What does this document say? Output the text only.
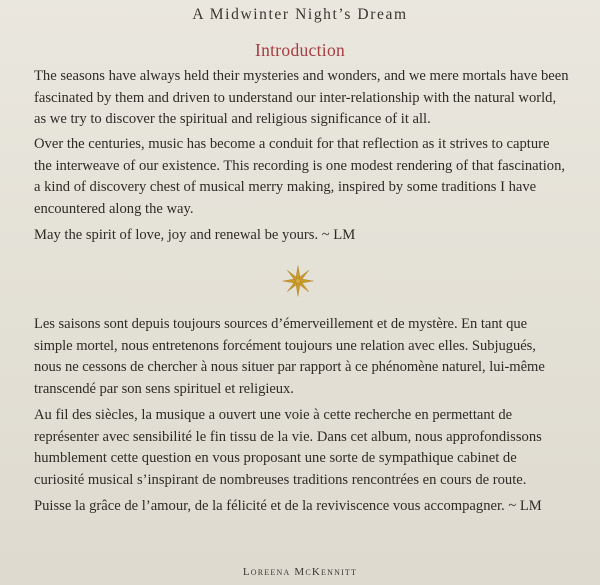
A Midwinter Night’s Dream
Introduction

The seasons have always held their mysteries and wonders, and we mere mortals have been
fascinated by them and driven to understand our inter-relationship with the natural world,
as we try to discover the spiritual and religious significance of it all.

Over the centuries, music has become a conduit for that reflection as it strives to capture
the interweave of our existence. This recording is one modest rendering of that fascination,
a kind of discovery chest of musical merry making, inspired by some traditions I have
encountered along the way.

May the spirit of love, joy and renewal be yours. ~ LM

Les saisons sont depuis toujours sources d’émerveillement et de mystère. En tant que
simple mortel, nous entretenons forcément toujours une relation avec elles. Subjugués,
nous ne cessons de chercher à nous situer par rapport à ce phénomène naturel, lui-même
transcendé par son sens spirituel et religieux.

Au fil des siècles, la musique a ouvert une voie à cette recherche en permettant de
représenter avec sensibilité le fin tissu de la vie. Dans cet album, nous approfondissons
humblement cette question en vous proposant une sorte de sympathique cabinet de
curiosité musical s’inspirant de nombreuses traditions rencontrées en cours de route.

Puisse la grâce de l’amour, de la félicité et de la reviviscence vous accompagner. ~ LM

Loreena McKennitt
